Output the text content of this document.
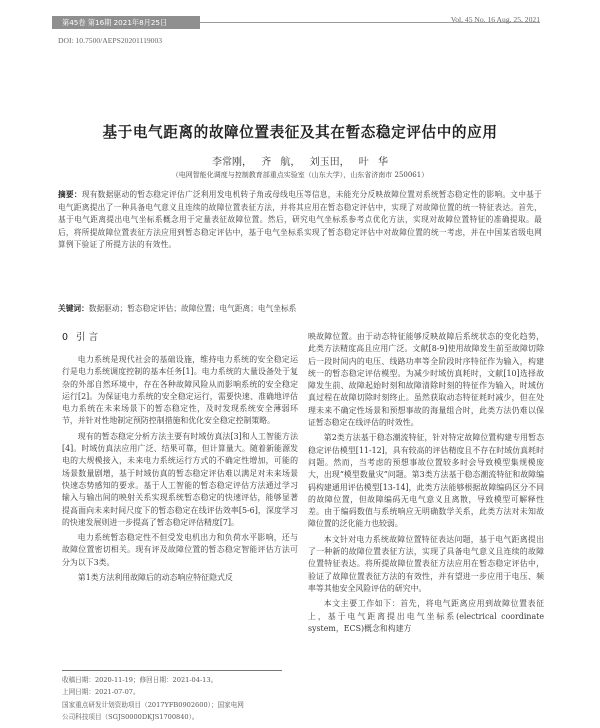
第45卷 第16期 2021年8月25日	Vol. 45 No. 16 Aug. 25, 2021
DOI: 10.7500/AEPS20201119003
基于电气距离的故障位置表征及其在暂态稳定评估中的应用
李常刚， 齐 航， 刘玉田， 叶 华
（电网智能化调度与控制教育部重点实验室（山东大学），山东省济南市 250061）
摘要：现有数据驱动的暂态稳定评估广泛利用发电机转子角或母线电压等信息，未能充分反映故障位置对系统暂态稳定性的影响。文中基于电气距离提出了一种具备电气意义且连续的故障位置表征方法，并将其应用在暂态稳定评估中，实现了对故障位置的统一特征表达。首先，基于电气距离提出电气坐标系概念用于定量表征故障位置。然后，研究电气坐标系参考点优化方法，实现对故障位置特征的准确提取。最后，将所提故障位置表征方法应用到暂态稳定评估中，基于电气坐标系实现了暂态稳定评估中对故障位置的统一考虑，并在中国某省级电网算例下验证了所提方法的有效性。
关键词：数据驱动；暂态稳定评估；故障位置；电气距离；电气坐标系
0 引 言

电力系统是现代社会的基础设施，维持电力系统的安全稳定运行是电力系统调度控制的基本任务[1]。电力系统的大量设备处于复杂的外部自然环境中，存在各种故障风险从而影响系统的安全稳定运行[2]。为保证电力系统的安全稳定运行，需要快速、准确地评估电力系统在未来场景下的暂态稳定性，及时发现系统安全薄弱环节，并针对性地制定预防控制措施和优化安全稳定控制策略。

现有的暂态稳定分析方法主要有时域仿真法[3]和人工智能方法[4]。时域仿真法应用广泛、结果可靠，但计算量大。随着新能源发电的大规模接入，未来电力系统运行方式的不确定性增加，可能的场景数量剧增，基于时域仿真的暂态稳定评估难以满足对未来场景快速态势感知的要求。基于人工智能的暂态稳定评估方法通过学习输入与输出间的映射关系实现系统暂态稳定的快速评估，能够显著提高面向未来时间尺度下的暂态稳定在线评估效率[5-6]，深度学习的快速发展则进一步提高了暂态稳定评估精度[7]。

电力系统暂态稳定性不但受发电机出力和负荷水平影响，还与故障位置密切相关。现有评及故障位置的暂态稳定智能评估方法可分为以下3类。

第1类方法利用故障后的动态响应特征隐式反

映故障位置。由于动态特征能够反映故障后系统状态的变化趋势，此类方法精度高且应用广泛。文献[8-9]使用故障发生前至故障切除后一段时间内的电压、线路功率等全阶段时序特征作为输入，构建统一的暂态稳定评估模型。为减少时域仿真耗时，文献[10]选择故障发生前、故障起始时刻和故障清除时刻的特征作为输入，时域仿真过程在故障切除时刻终止。虽然获取动态特征耗时减少，但在处理未来不确定性场景和预想事故的海量组合时，此类方法仍难以保证暂态稳定在线评估的时效性。

第2类方法基于稳态潮流特征，针对特定故障位置构建专用暂态稳定评估模型[11-12]，具有较高的评估精度且不存在时域仿真耗时问题。然而，当考虑的预想事故位置较多时会导致模型集规模庞大，出现“模型数量灾”问题。第3类方法基于稳态潮流特征和故障编码构建通用评估模型[13-14]，此类方法能够根据故障编码区分不同的故障位置，但故障编码无电气意义且离散，导致模型可解释性差。由于编码数值与系统响应无明确数学关系，此类方法对未知故障位置的泛化能力也较弱。

本文针对电力系统故障位置特征表达问题，基于电气距离提出了一种新的故障位置表征方法，实现了具备电气意义且连续的故障位置特征表达。将所提故障位置表征方法应用在暂态稳定评估中，验证了故障位置表征方法的有效性，并有望进一步应用于电压、频率等其他安全风险评估的研究中。

本文主要工作如下：首先，将电气距离应用到故障位置表征上，基于电气距离提出电气坐标系(electrical coordinate system，ECS)概念和构建方

收稿日期：2020-11-19；修回日期：2021-04-13。
上网日期：2021-07-07。
国家重点研发计划资助项目（2017YFB0902600）；国家电网
公司科技项目（SGJS0000DKJS1700840）。
